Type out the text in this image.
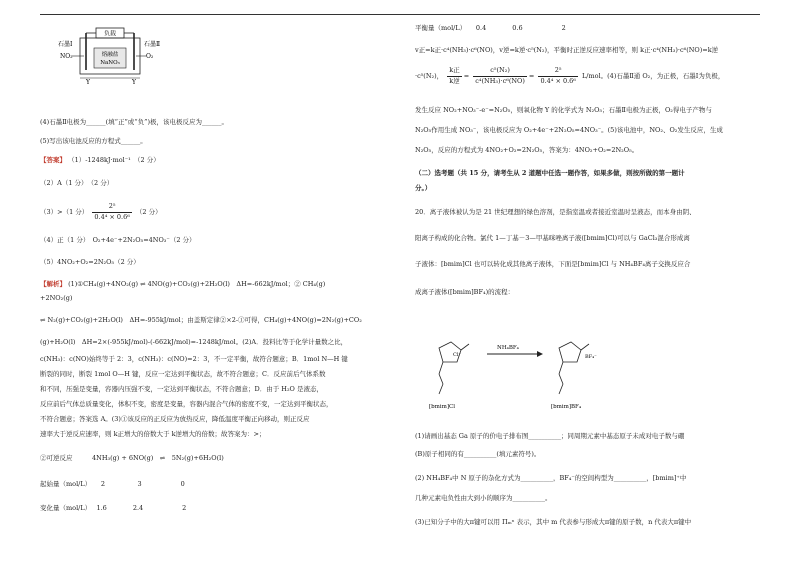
负载
熔融盐
NaNO₃
石墨Ⅰ	石墨Ⅱ
NO₂	O₂
Y	Y
(4)石墨Ⅱ电极为______(填“正”或“负”)极，该电极反应为______。
(5)写出该电池反应的方程式______。
【答案】 （1）-1248kJ·mol⁻¹　（2 分）
（2）A（1 分）　（2 分）
（3）>（1 分） $\frac{\text{2⁵}}{\text{0.4⁴ × 0.6⁶}} (2$ 分）
（4）正（1 分）　O₂+4e⁻+2N₂O₅=4NO₃⁻（2 分）
（5）4NO₂+O₂=2N₂O₅（2 分）
【解析】 (1)①CH₄(g)+4NO₂(g) ⇌ 4NO(g)+CO₂(g)+2H₂O(l)　ΔH=-662kJ/mol；② CH₄(g)
+2NO₂(g)
⇌ N₂(g)+CO₂(g)+2H₂O(l)　ΔH=-955kJ/mol；由盖斯定律②×2-①可得，CH₄(g)+4NO(g)=2N₂(g)+CO₂
(g)+H₂O(l)　ΔH=2×(-955kJ/mol)-(-662kJ/mol)=-1248kJ/mol。(2)A．投料比等于化学计量数之比，
c(NH₃)：c(NO)始终等于 2：3，c(NH₃)：c(NO)=2：3，不一定平衡，故符合题意；B．1mol N—H 键
断裂的同时，断裂 1mol O—H 键，反应一定达到平衡状态，故不符合题意；C．反应前后气体系数
和不同，压强是变量，容器内压强不变，一定达到平衡状态，不符合题意；D．由于 H₂O 是液态，
反应前后气体总质量变化，体积不变，密度是变量，容器内混合气体的密度不变，一定达到平衡状态，
不符合题意；答案选 A。(3)①该反应的正反应为放热反应，降低温度平衡正向移动，则正反应
速率大于逆反应速率，则 k正增大的倍数大于 k逆增大的倍数；故答案为：>；
②可逆反应　　　4NH₃(g) + 6NO(g)　⇌　5N₂(g)+6H₂O(l)
起始量（mol/L）　　2　　　　　3　　　　　　0
变化量（mol/L）　 1.6　　　　2.4　　　　　　2
平衡量（mol/L）　　0.4　　　　0.6　　　　　　2
v正=k正·c⁴(NH₃)·c⁶(NO)，v逆=k逆·c⁵(N₂)，平衡时正逆反应速率相等，则 k正·c⁴(NH₃)·c⁶(NO)=k逆
·c⁵(N₂)， $\frac{\text{k正}}{\text{k逆}} = \frac{\text{c⁵(N₂)}}{\text{c⁴(NH₃)·c⁶(NO)}} = \frac{\text{2⁵}}{\text{0.4⁴ × 0.6⁶}} L/mol$。(4)石墨Ⅱ通 O₂，为正极，石墨Ⅰ为负极，
发生反应 NO₂+NO₃⁻-e⁻=N₂O₅，则氧化物 Y 的化学式为 N₂O₅；石墨Ⅱ电极为正极，O₂得电子产物与
N₂O₅作用生成 NO₃⁻，该电极反应为 O₂+4e⁻+2N₂O₅=4NO₃⁻。(5)该电池中，NO₂、O₂发生反应，生成
N₂O₅，反应的方程式为 4NO₂+O₂=2N₂O₅，答案为：4NO₂+O₂=2N₂O₅。
（二）选考题（共 15 分，请考生从 2 道题中任选一题作答，如果多做，则按所做的第一题计
分。）
20．离子液体被认为是 21 世纪理想的绿色溶剂，是指室温或者接近室温时呈液态，而本身由阴、
阳离子构成的化合物。氯代 1—丁基－3—甲基咪唑离子液([bmim]Cl)可以与 GaCl₃混合形成离
子液体：[bmim]Cl 也可以转化成其他离子液体，下面是[bmim]Cl 与 NH₄BF₄离子交换反应合
成离子液体([bmim]BF₄)的流程：
Cl⁻
[bmim]Cl
NH₄BF₄
BF₄⁻
[bmim]BF₄
(1)请画出基态 Ga 原子的价电子排布图__________；同周期元素中基态原子未成对电子数与硼
(B)原子相同的有__________(填元素符号)。
(2) NH₄BF₄中 N 原子的杂化方式为__________，BF₄⁻的空间构型为__________，[bmim]⁺中
几种元素电负性由大到小的顺序为__________。
(3)已知分子中的大π键可以用 Πₘⁿ 表示，其中 m 代表参与形成大π键的原子数，n 代表大π键中
